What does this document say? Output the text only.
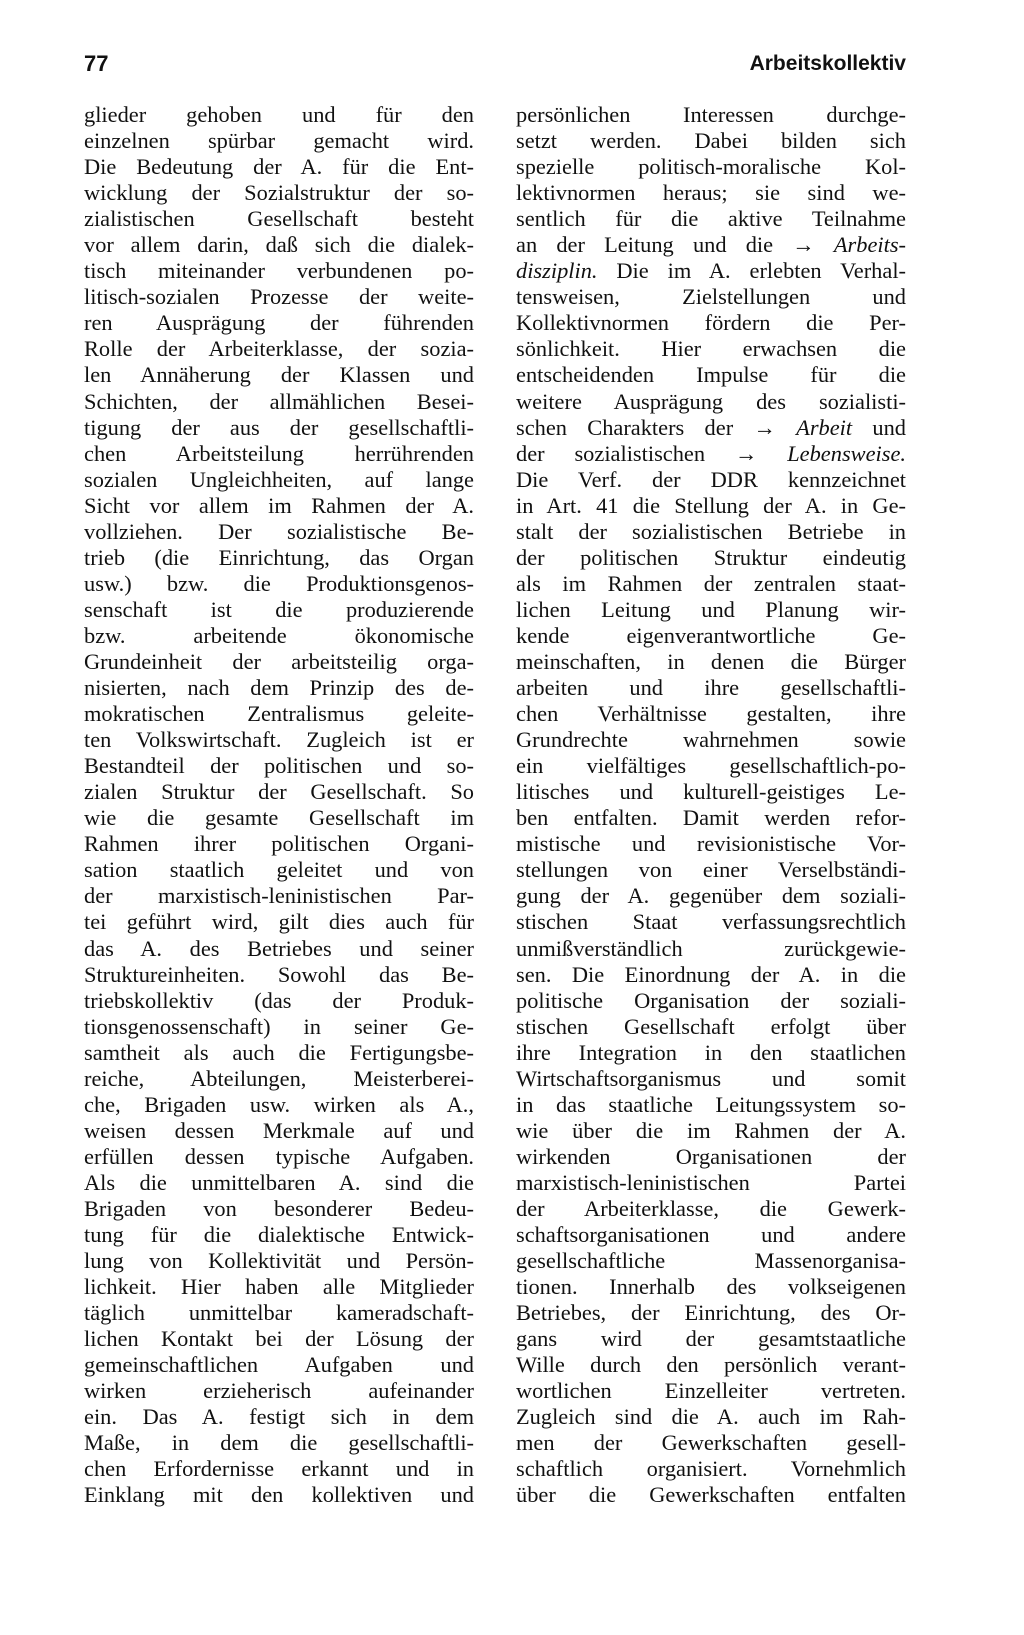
77	Arbeitskollektiv
glieder gehoben und für den
einzelnen spürbar gemacht wird.
Die Bedeutung der A. für die Ent-
wicklung der Sozialstruktur der so-
zialistischen Gesellschaft besteht
vor allem darin, daß sich die dialek-
tisch miteinander verbundenen po-
litisch-sozialen Prozesse der weite-
ren Ausprägung der führenden
Rolle der Arbeiterklasse, der sozia-
len Annäherung der Klassen und
Schichten, der allmählichen Besei-
tigung der aus der gesellschaftli-
chen Arbeitsteilung herrührenden
sozialen Ungleichheiten, auf lange
Sicht vor allem im Rahmen der A.
vollziehen. Der sozialistische Be-
trieb (die Einrichtung, das Organ
usw.) bzw. die Produktionsgenos-
senschaft ist die produzierende
bzw. arbeitende ökonomische
Grundeinheit der arbeitsteilig orga-
nisierten, nach dem Prinzip des de-
mokratischen Zentralismus geleite-
ten Volkswirtschaft. Zugleich ist er
Bestandteil der politischen und so-
zialen Struktur der Gesellschaft. So
wie die gesamte Gesellschaft im
Rahmen ihrer politischen Organi-
sation staatlich geleitet und von
der marxistisch-leninistischen Par-
tei geführt wird, gilt dies auch für
das A. des Betriebes und seiner
Struktureinheiten. Sowohl das Be-
triebskollektiv (das der Produk-
tionsgenossenschaft) in seiner Ge-
samtheit als auch die Fertigungsbe-
reiche, Abteilungen, Meisterberei-
che, Brigaden usw. wirken als A.,
weisen dessen Merkmale auf und
erfüllen dessen typische Aufgaben.
Als die unmittelbaren A. sind die
Brigaden von besonderer Bedeu-
tung für die dialektische Entwick-
lung von Kollektivität und Persön-
lichkeit. Hier haben alle Mitglieder
täglich unmittelbar kameradschaft-
lichen Kontakt bei der Lösung der
gemeinschaftlichen Aufgaben und
wirken erzieherisch aufeinander
ein. Das A. festigt sich in dem
Maße, in dem die gesellschaftli-
chen Erfordernisse erkannt und in
Einklang mit den kollektiven und
persönlichen Interessen durchge-
setzt werden. Dabei bilden sich
spezielle politisch-moralische Kol-
lektivnormen heraus; sie sind we-
sentlich für die aktive Teilnahme
an der Leitung und die → Arbeits-
disziplin. Die im A. erlebten Verhal-
tensweisen, Zielstellungen und
Kollektivnormen fördern die Per-
sönlichkeit. Hier erwachsen die
entscheidenden Impulse für die
weitere Ausprägung des sozialisti-
schen Charakters der → Arbeit und
der sozialistischen → Lebensweise.
Die Verf. der DDR kennzeichnet
in Art. 41 die Stellung der A. in Ge-
stalt der sozialistischen Betriebe in
der politischen Struktur eindeutig
als im Rahmen der zentralen staat-
lichen Leitung und Planung wir-
kende eigenverantwortliche Ge-
meinschaften, in denen die Bürger
arbeiten und ihre gesellschaftli-
chen Verhältnisse gestalten, ihre
Grundrechte wahrnehmen sowie
ein vielfältiges gesellschaftlich-po-
litisches und kulturell-geistiges Le-
ben entfalten. Damit werden refor-
mistische und revisionistische Vor-
stellungen von einer Verselbständi-
gung der A. gegenüber dem soziali-
stischen Staat verfassungsrechtlich
unmißverständlich zurückgewie-
sen. Die Einordnung der A. in die
politische Organisation der soziali-
stischen Gesellschaft erfolgt über
ihre Integration in den staatlichen
Wirtschaftsorganismus und somit
in das staatliche Leitungssystem so-
wie über die im Rahmen der A.
wirkenden Organisationen der
marxistisch-leninistischen Partei
der Arbeiterklasse, die Gewerk-
schaftsorganisationen und andere
gesellschaftliche Massenorganisa-
tionen. Innerhalb des volkseigenen
Betriebes, der Einrichtung, des Or-
gans wird der gesamtstaatliche
Wille durch den persönlich verant-
wortlichen Einzelleiter vertreten.
Zugleich sind die A. auch im Rah-
men der Gewerkschaften gesell-
schaftlich organisiert. Vornehmlich
über die Gewerkschaften entfalten
